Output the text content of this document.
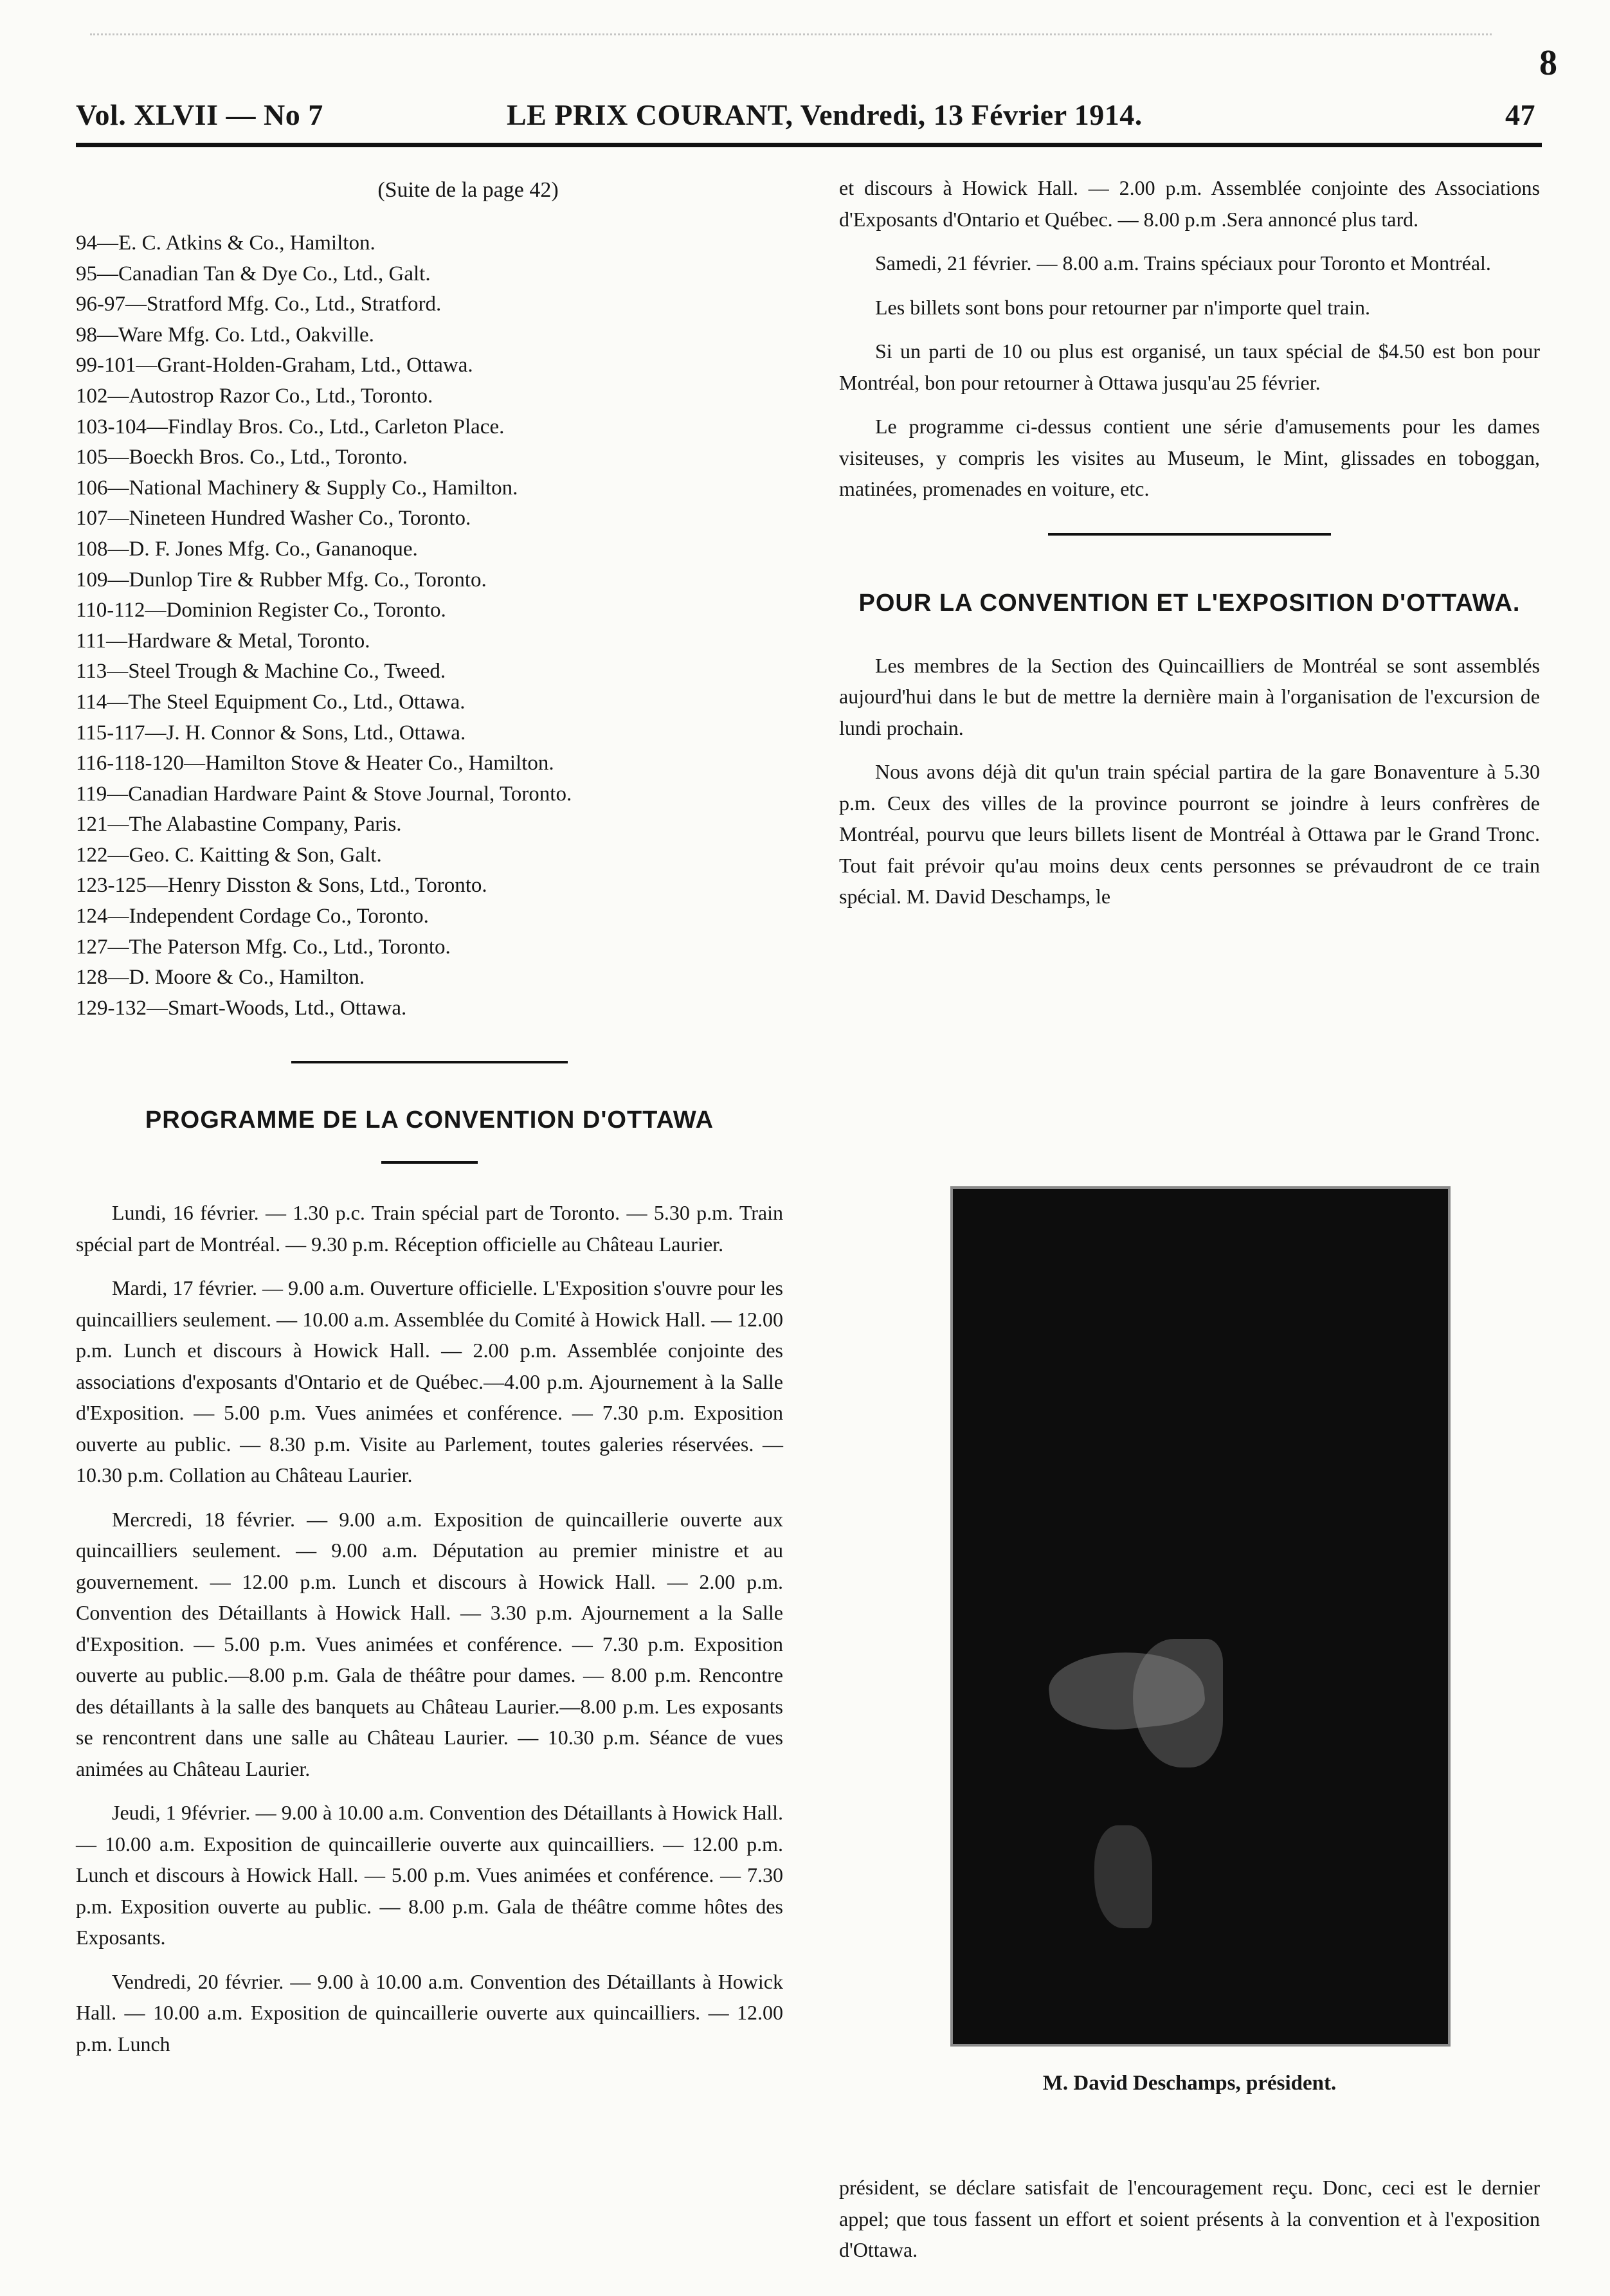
8
Vol. XLVII — No 7	LE PRIX COURANT, Vendredi, 13 Février 1914.	47
(Suite de la page 42)
94—E. C. Atkins & Co., Hamilton.
95—Canadian Tan & Dye Co., Ltd., Galt.
96-97—Stratford Mfg. Co., Ltd., Stratford.
98—Ware Mfg. Co. Ltd., Oakville.
99-101—Grant-Holden-Graham, Ltd., Ottawa.
102—Autostrop Razor Co., Ltd., Toronto.
103-104—Findlay Bros. Co., Ltd., Carleton Place.
105—Boeckh Bros. Co., Ltd., Toronto.
106—National Machinery & Supply Co., Hamilton.
107—Nineteen Hundred Washer Co., Toronto.
108—D. F. Jones Mfg. Co., Gananoque.
109—Dunlop Tire & Rubber Mfg. Co., Toronto.
110-112—Dominion Register Co., Toronto.
111—Hardware & Metal, Toronto.
113—Steel Trough & Machine Co., Tweed.
114—The Steel Equipment Co., Ltd., Ottawa.
115-117—J. H. Connor & Sons, Ltd., Ottawa.
116-118-120—Hamilton Stove & Heater Co., Hamilton.
119—Canadian Hardware Paint & Stove Journal, Toronto.
121—The Alabastine Company, Paris.
122—Geo. C. Kaitting & Son, Galt.
123-125—Henry Disston & Sons, Ltd., Toronto.
124—Independent Cordage Co., Toronto.
127—The Paterson Mfg. Co., Ltd., Toronto.
128—D. Moore & Co., Hamilton.
129-132—Smart-Woods, Ltd., Ottawa.
PROGRAMME DE LA CONVENTION D'OTTAWA

Lundi, 16 février. — 1.30 p.c. Train spécial part de Toronto. — 5.30 p.m. Train spécial part de Montréal. — 9.30 p.m. Réception officielle au Château Laurier.

Mardi, 17 février. — 9.00 a.m. Ouverture officielle. L'Exposition s'ouvre pour les quincailliers seulement. — 10.00 a.m. Assemblée du Comité à Howick Hall. — 12.00 p.m. Lunch et discours à Howick Hall. — 2.00 p.m. Assemblée conjointe des associations d'exposants d'Ontario et de Québec.—4.00 p.m. Ajournement à la Salle d'Exposition. — 5.00 p.m. Vues animées et conférence. — 7.30 p.m. Exposition ouverte au public. — 8.30 p.m. Visite au Parlement, toutes galeries réservées. — 10.30 p.m. Collation au Château Laurier.

Mercredi, 18 février. — 9.00 a.m. Exposition de quincaillerie ouverte aux quincailliers seulement. — 9.00 a.m. Députation au premier ministre et au gouvernement. — 12.00 p.m. Lunch et discours à Howick Hall. — 2.00 p.m. Convention des Détaillants à Howick Hall. — 3.30 p.m. Ajournement a la Salle d'Exposition. — 5.00 p.m. Vues animées et conférence. — 7.30 p.m. Exposition ouverte au public.—8.00 p.m. Gala de théâtre pour dames. — 8.00 p.m. Rencontre des détaillants à la salle des banquets au Château Laurier.—8.00 p.m. Les exposants se rencontrent dans une salle au Château Laurier. — 10.30 p.m. Séance de vues animées au Château Laurier.

Jeudi, 1 9février. — 9.00 à 10.00 a.m. Convention des Détaillants à Howick Hall. — 10.00 a.m. Exposition de quincaillerie ouverte aux quincailliers. — 12.00 p.m. Lunch et discours à Howick Hall. — 5.00 p.m. Vues animées et conférence. — 7.30 p.m. Exposition ouverte au public. — 8.00 p.m. Gala de théâtre comme hôtes des Exposants.

Vendredi, 20 février. — 9.00 à 10.00 a.m. Convention des Détaillants à Howick Hall. — 10.00 a.m. Exposition de quincaillerie ouverte aux quincailliers. — 12.00 p.m. Lunch

et discours à Howick Hall. — 2.00 p.m. Assemblée conjointe des Associations d'Exposants d'Ontario et Québec. — 8.00 p.m .Sera annoncé plus tard.

Samedi, 21 février. — 8.00 a.m. Trains spéciaux pour Toronto et Montréal.

Les billets sont bons pour retourner par n'importe quel train.

Si un parti de 10 ou plus est organisé, un taux spécial de $4.50 est bon pour Montréal, bon pour retourner à Ottawa jusqu'au 25 février.

Le programme ci-dessus contient une série d'amusements pour les dames visiteuses, y compris les visites au Museum, le Mint, glissades en toboggan, matinées, promenades en voiture, etc.

POUR LA CONVENTION ET L'EXPOSITION D'OTTAWA.

Les membres de la Section des Quincailliers de Montréal se sont assemblés aujourd'hui dans le but de mettre la dernière main à l'organisation de l'excursion de lundi prochain.

Nous avons déjà dit qu'un train spécial partira de la gare Bonaventure à 5.30 p.m. Ceux des villes de la province pourront se joindre à leurs confrères de Montréal, pourvu que leurs billets lisent de Montréal à Ottawa par le Grand Tronc. Tout fait prévoir qu'au moins deux cents personnes se prévaudront de ce train spécial. M. David Deschamps, le

M. David Deschamps, président.

président, se déclare satisfait de l'encouragement reçu. Donc, ceci est le dernier appel; que tous fassent un effort et soient présents à la convention et à l'exposition d'Ottawa.
